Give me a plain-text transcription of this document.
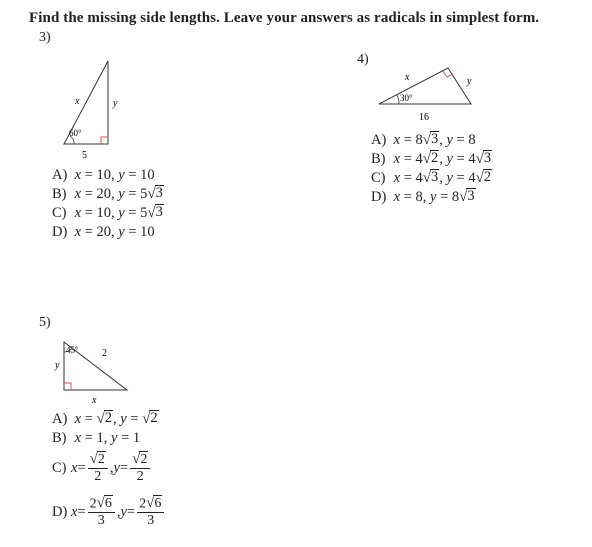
Find the missing side lengths. Leave your answers as radicals in simplest form.
3)
x	y
60°
5
A) x = 10, y = 10
B) x = 20, y = 5 √ 3
C) x = 10, y = 5 √ 3
D) x = 20, y = 10
4)
x	y
30°
16
A) x = 8 √ 3 , y = 8
B) x = 4 √ 2 , y = 4 √ 3
C) x = 4 √ 3 , y = 4 √ 2
D) x = 8, y = 8 √ 3
5)
45° 2
y
x
A) x = √ 2 , y = √ 2
B) x = 1, y = 1
C) $x = \frac{√ 2}{2}$ , $y = \frac{√ 2}{2}$
D) $x = \frac{2 √ 6}{3}$ , $y = \frac{2 √ 6}{3}$
